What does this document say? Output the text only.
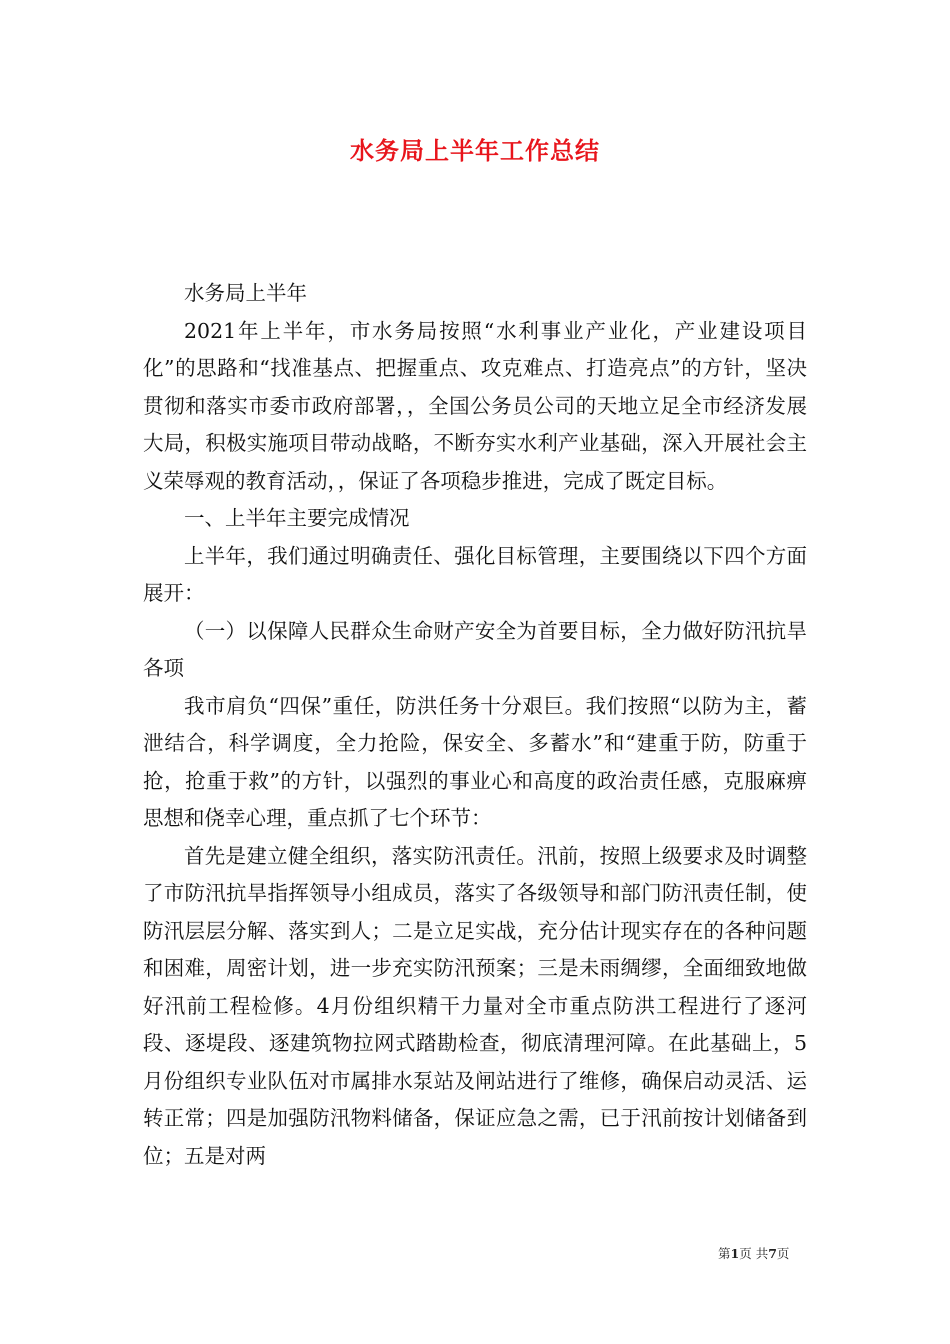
水务局上半年工作总结

水务局上半年

2021年上半年，市水务局按照“水利事业产业化，产业建设项目化”的思路和“找准基点、把握重点、攻克难点、打造亮点”的方针，坚决贯彻和落实市委市政府部署，，全国公务员公司的天地立足全市经济发展大局，积极实施项目带动战略，不断夯实水利产业基础，深入开展社会主义荣辱观的教育活动，，保证了各项稳步推进，完成了既定目标。

一、上半年主要完成情况

上半年，我们通过明确责任、强化目标管理，主要围绕以下四个方面展开：

（一）以保障人民群众生命财产安全为首要目标，全力做好防汛抗旱各项

我市肩负“四保”重任，防洪任务十分艰巨。我们按照“以防为主，蓄泄结合，科学调度，全力抢险，保安全、多蓄水”和“建重于防，防重于抢，抢重于救”的方针，以强烈的事业心和高度的政治责任感，克服麻痹思想和侥幸心理，重点抓了七个环节：

首先是建立健全组织，落实防汛责任。汛前，按照上级要求及时调整了市防汛抗旱指挥领导小组成员，落实了各级领导和部门防汛责任制，使防汛层层分解、落实到人；二是立足实战，充分估计现实存在的各种问题和困难，周密计划，进一步充实防汛预案；三是未雨绸缪，全面细致地做好汛前工程检修。4月份组织精干力量对全市重点防洪工程进行了逐河段、逐堤段、逐建筑物拉网式踏勘检查，彻底清理河障。在此基础上，5月份组织专业队伍对市属排水泵站及闸站进行了维修，确保启动灵活、运转正常；四是加强防汛物料储备，保证应急之需，已于汛前按计划储备到位；五是对两

第1页 共7页
